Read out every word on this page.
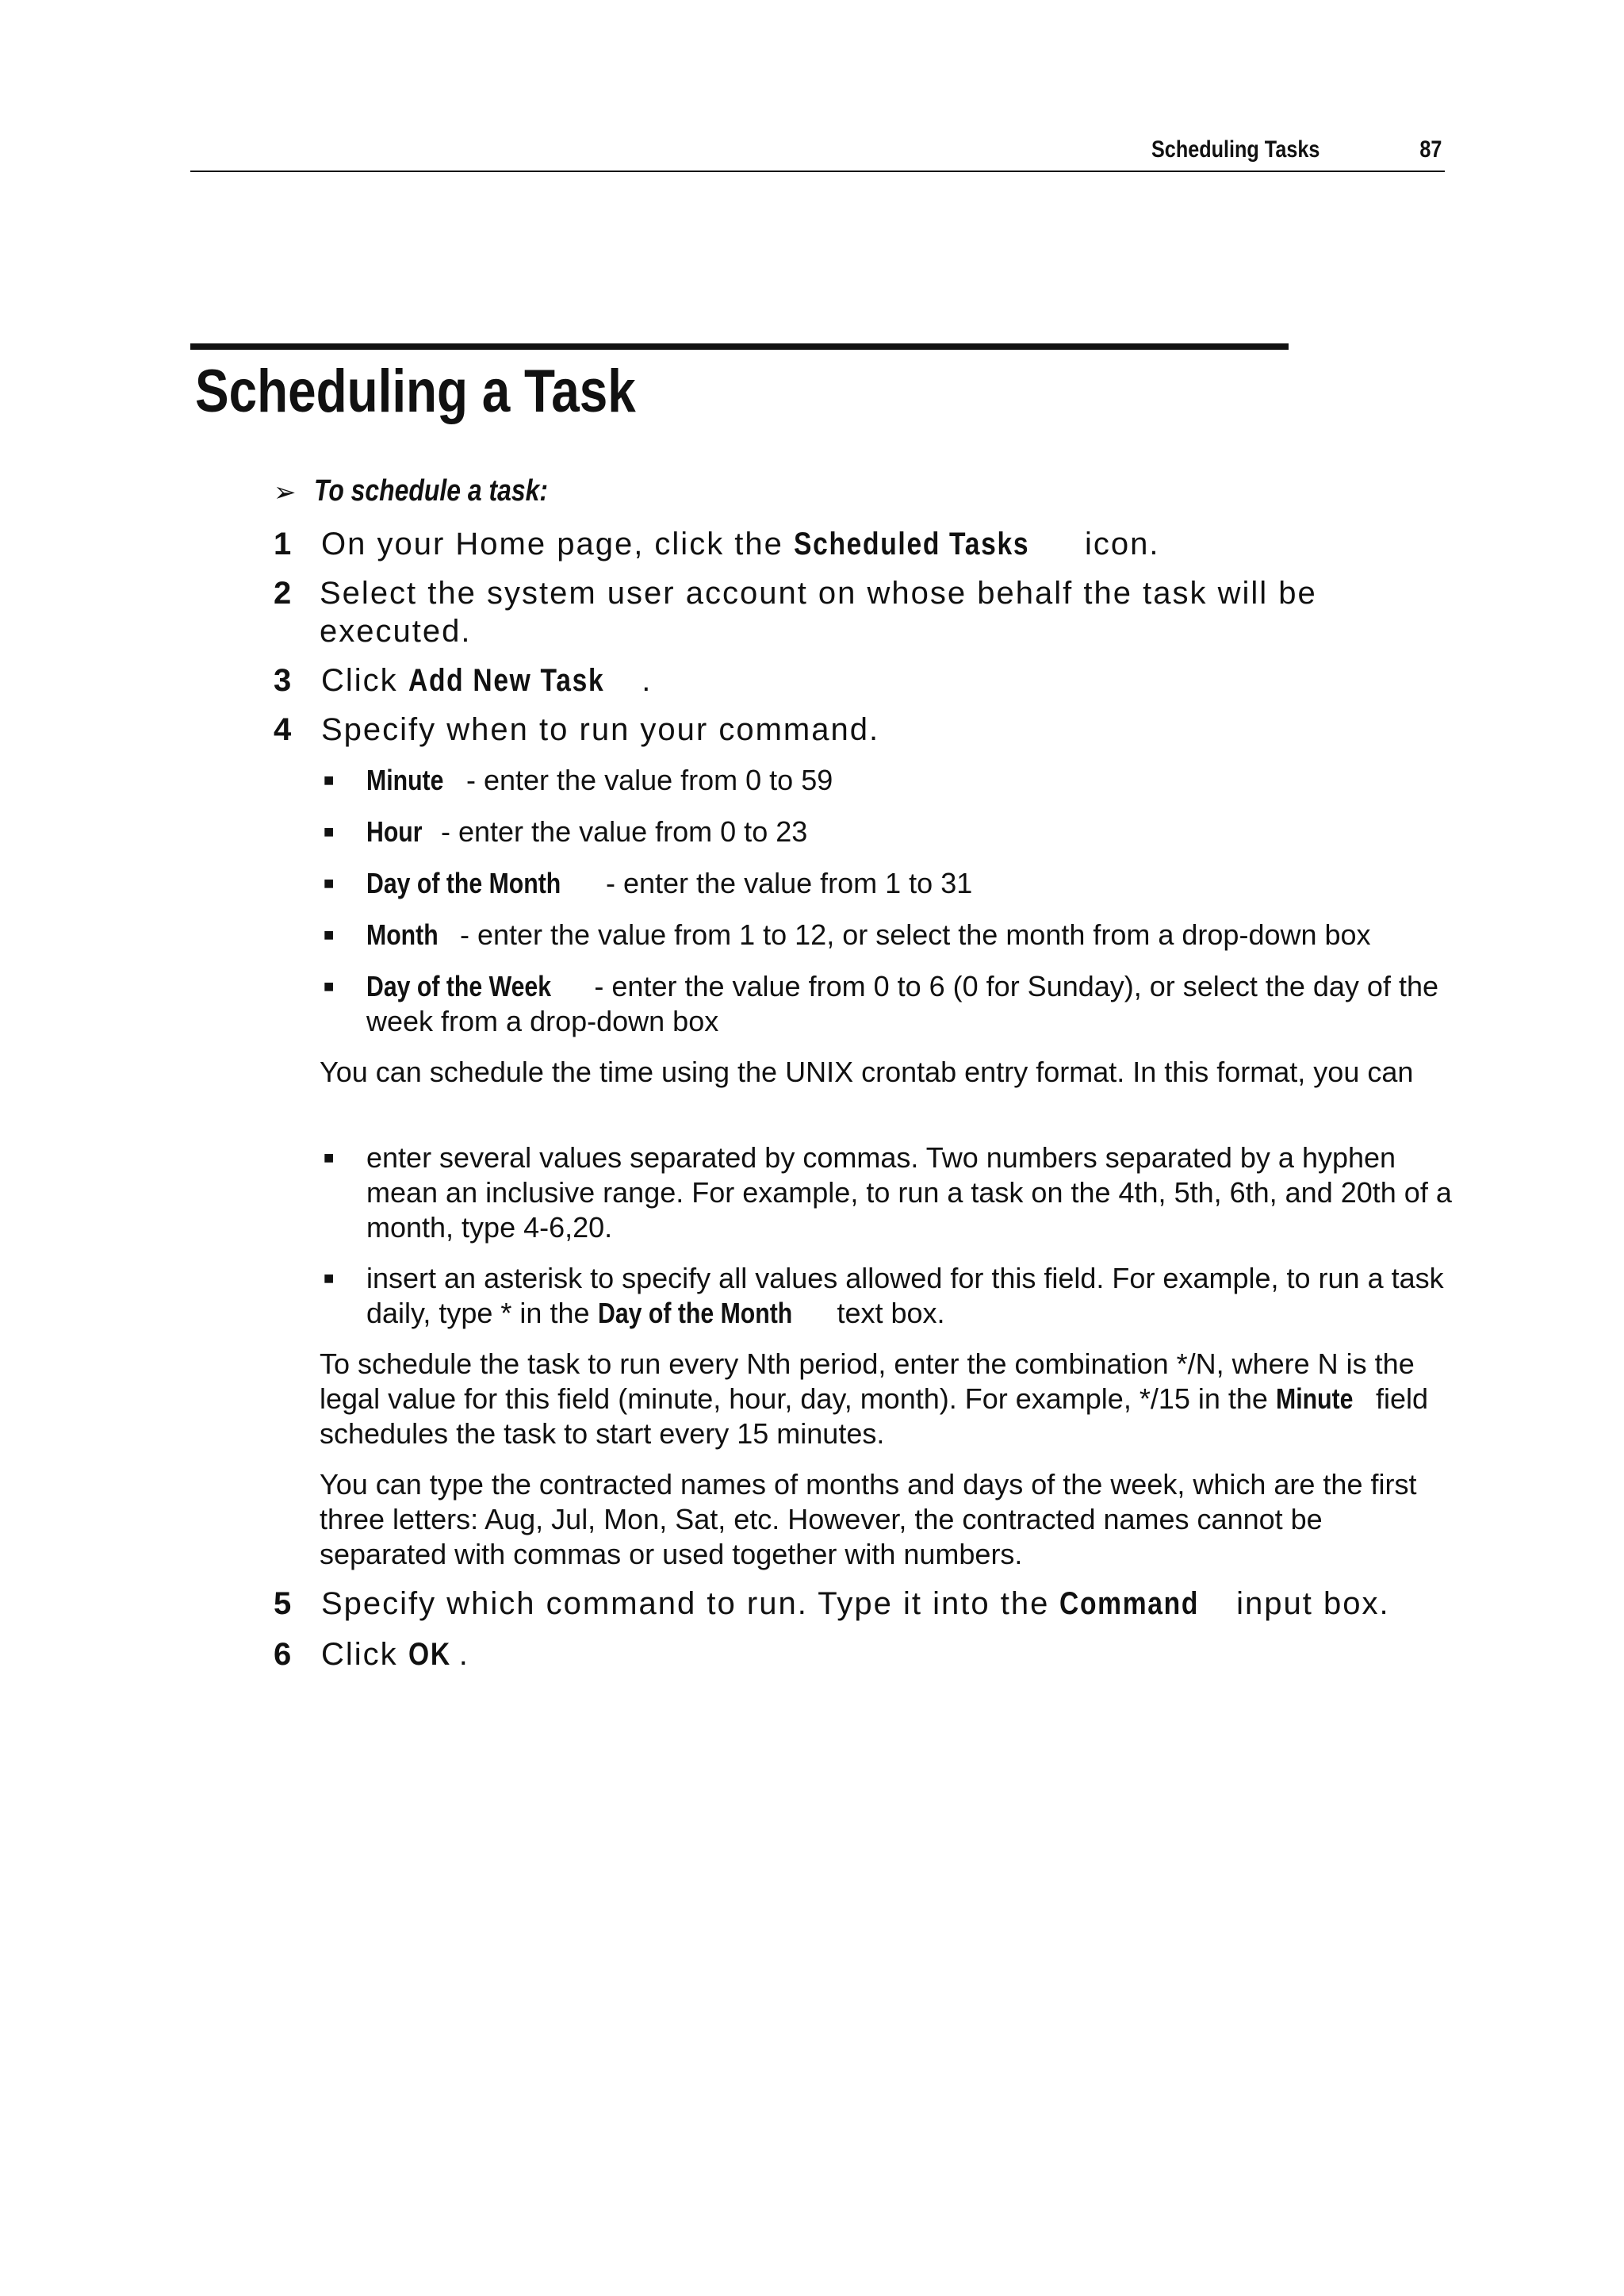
Scheduling Tasks	87
Scheduling a Task
➢ To schedule a task:
1 On your Home page, click the Scheduled Tasks icon.
2 Select the system user account on whose behalf the task will be executed.
3 Click Add New Task .
4 Specify when to run your command.
■ Minute - enter the value from 0 to 59
■ Hour - enter the value from 0 to 23
■ Day of the Month - enter the value from 1 to 31
■ Month - enter the value from 1 to 12, or select the month from a drop-down box
■ Day of the Week - enter the value from 0 to 6 (0 for Sunday), or select the day of the week from a drop-down box

You can schedule the time using the UNIX crontab entry format. In this format, you can

■ enter several values separated by commas. Two numbers separated by a hyphen mean an inclusive range. For example, to run a task on the 4th, 5th, 6th, and 20th of a month, type 4-6,20.
■ insert an asterisk to specify all values allowed for this field. For example, to run a task daily, type * in the Day of the Month text box.

To schedule the task to run every Nth period, enter the combination */N, where N is the legal value for this field (minute, hour, day, month). For example, */15 in the Minute field schedules the task to start every 15 minutes.

You can type the contracted names of months and days of the week, which are the first three letters: Aug, Jul, Mon, Sat, etc. However, the contracted names cannot be separated with commas or used together with numbers.

5 Specify which command to run. Type it into the Command input box.
6 Click OK .
